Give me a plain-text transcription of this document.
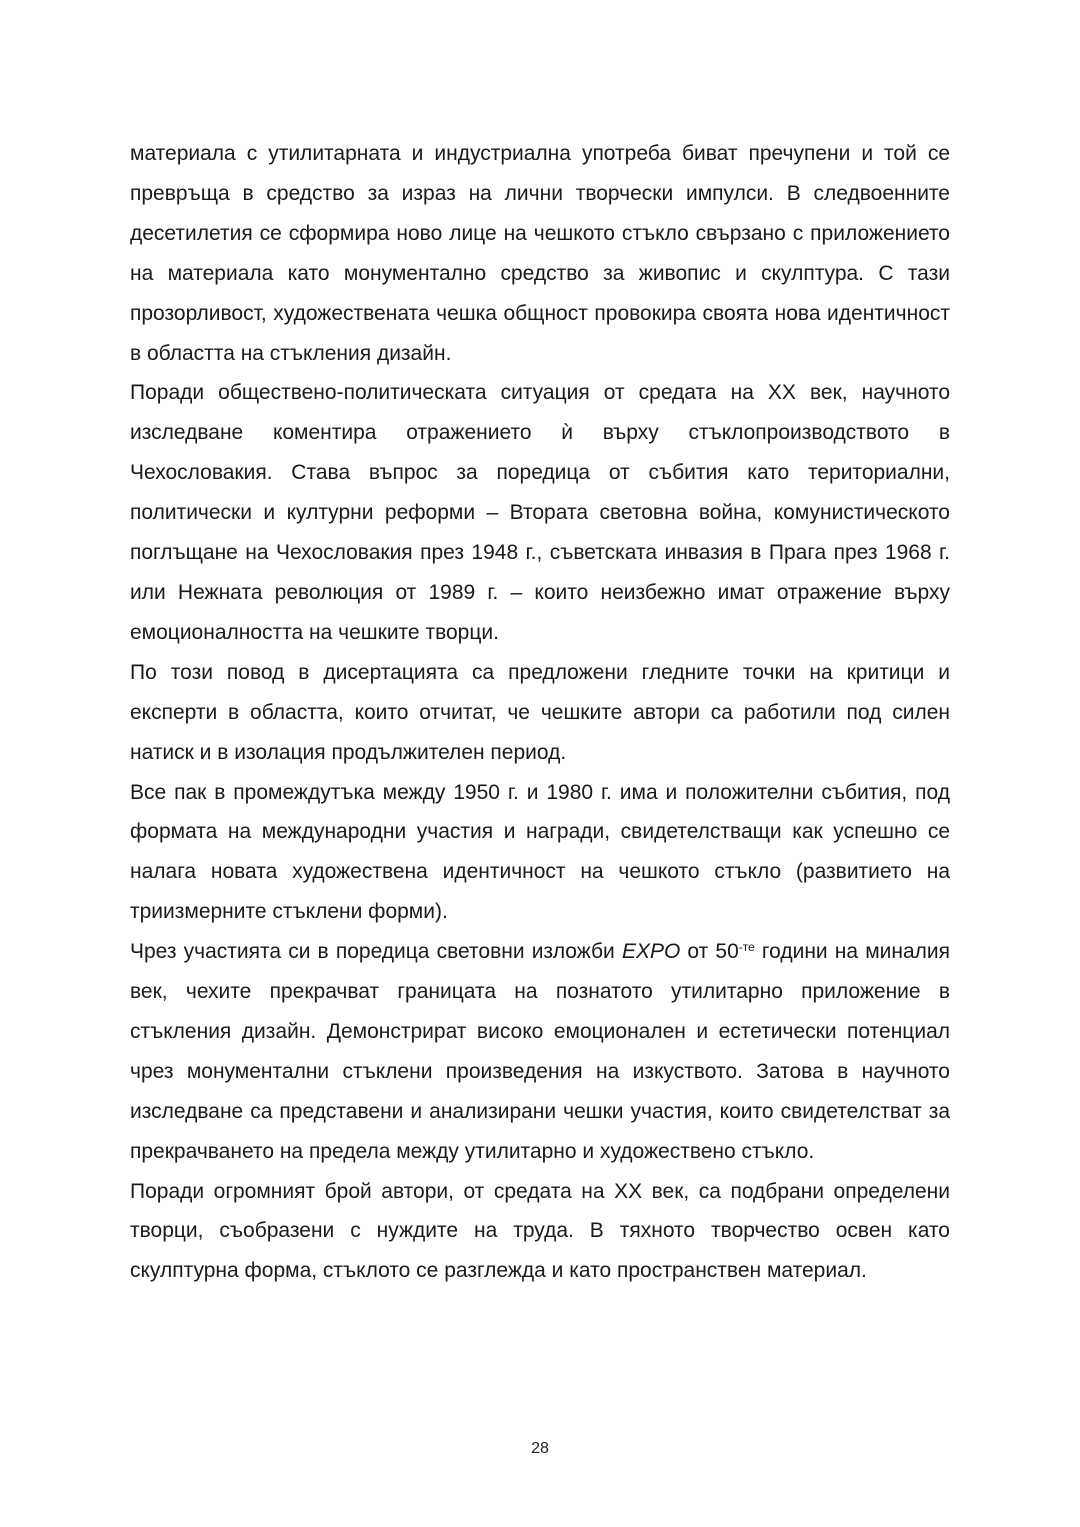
материала с утилитарната и индустриална употреба биват пречупени и той се превръща в средство за израз на лични творчески импулси. В следвоенните десетилетия се сформира ново лице на чешкото стъкло свързано с приложението на материала като монументално средство за живопис и скулптура. С тази прозорливост, художествената чешка общност провокира своята нова идентичност в областта на стъкления дизайн.

Поради обществено-политическата ситуация от средата на XX век, научното изследване коментира отражението ѝ върху стъклопроизводството в Чехословакия. Става въпрос за поредица от събития като териториални, политически и културни реформи – Втората световна война, комунистическото поглъщане на Чехословакия през 1948 г., съветската инвазия в Прага през 1968 г. или Нежната революция от 1989 г. – които неизбежно имат отражение върху емоционалността на чешките творци.

По този повод в дисертацията са предложени гледните точки на критици и експерти в областта, които отчитат, че чешките автори са работили под силен натиск и в изолация продължителен период.

Все пак в промеждутъка между 1950 г. и 1980 г. има и положителни събития, под формата на международни участия и награди, свидетелстващи как успешно се налага новата художествена идентичност на чешкото стъкло (развитието на триизмерните стъклени форми).

Чрез участията си в поредица световни изложби EXPO от $50^{-те}$ години на миналия век, чехите прекрачват границата на познатото утилитарно приложение в стъкления дизайн. Демонстрират високо емоционален и естетически потенциал чрез монументални стъклени произведения на изкуството. Затова в научното изследване са представени и анализирани чешки участия, които свидетелстват за прекрачването на предела между утилитарно и художествено стъкло.

Поради огромният брой автори, от средата на XX век, са подбрани определени творци, съобразени с нуждите на труда. В тяхното творчество освен като скулптурна форма, стъклото се разглежда и като пространствен материал.

28
